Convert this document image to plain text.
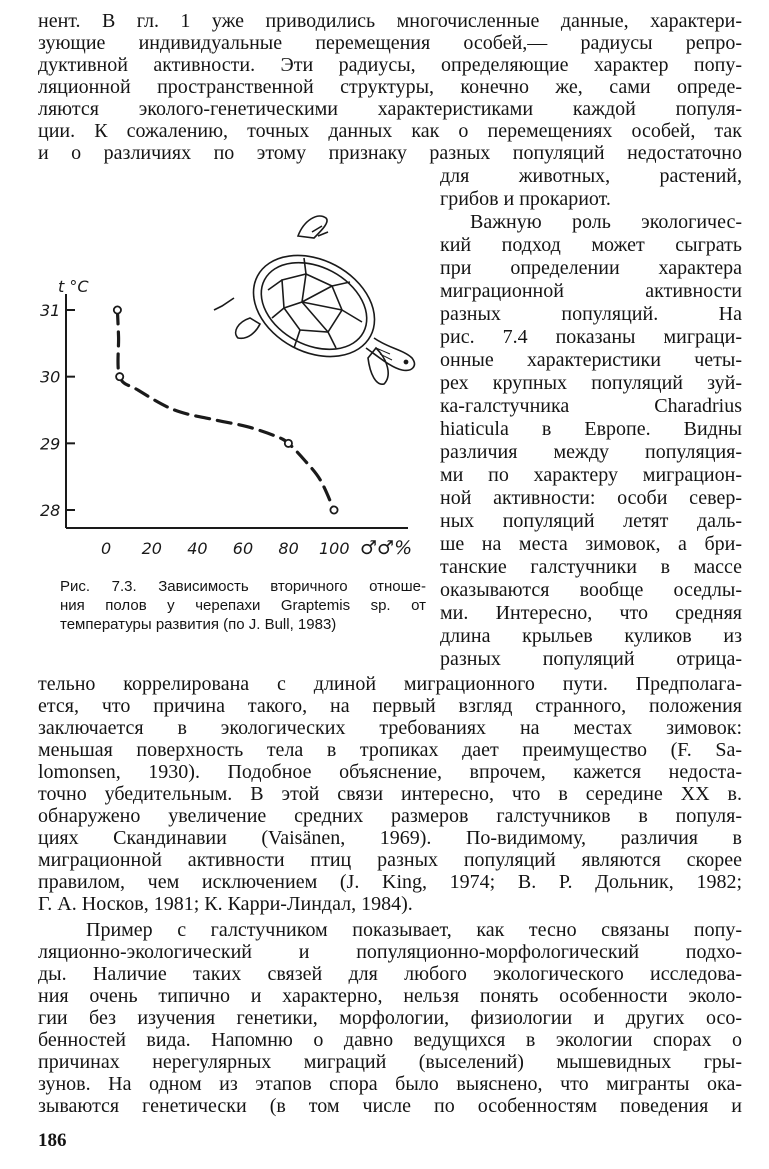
нент. В гл. 1 уже приводились многочисленные данные, характери-
зующие индивидуальные перемещения особей,— радиусы репро-
дуктивной активности. Эти радиусы, определяющие характер попу-
ляционной пространственной структуры, конечно же, сами опреде-
ляются эколого-генетическими характеристиками каждой популя-
ции. К сожалению, точных данных как о перемещениях особей, так
и о различиях по этому признаку разных популяций недостаточно
для животных, растений,
грибов и прокариот.
Важную роль экологичес-
кий подход может сыграть
при определении характера
миграционной активности
разных популяций. На
рис. 7.4 показаны миграци-
онные характеристики четы-
рех крупных популяций зуй-
ка-галстучника Charadrius
hiaticula в Европе. Видны
различия между популяция-
ми по характеру миграцион-
ной активности: особи север-
ных популяций летят даль-
ше на места зимовок, а бри-
танские галстучники в массе
оказываются вообще оседлы-
ми. Интересно, что средняя
длина крыльев куликов из
разных популяций отрица-
28
29
30
31
0 20 40 60 80 100
t °C
♂♂%
Рис. 7.3. Зависимость вторичного отноше-
ния полов у черепахи Graptemis sp. от
температуры развития (по J. Bull, 1983)
тельно коррелирована с длиной миграционного пути. Предполага-
ется, что причина такого, на первый взгляд странного, положения
заключается в экологических требованиях на местах зимовок:
меньшая поверхность тела в тропиках дает преимущество (F. Sa-
lomonsen, 1930). Подобное объяснение, впрочем, кажется недоста-
точно убедительным. В этой связи интересно, что в середине XX в.
обнаружено увеличение средних размеров галстучников в популя-
циях Скандинавии (Vaisänen, 1969). По-видимому, различия в
миграционной активности птиц разных популяций являются скорее
правилом, чем исключением (J. King, 1974; В. Р. Дольник, 1982;
Г. А. Носков, 1981; К. Карри-Линдал, 1984).
Пример с галстучником показывает, как тесно связаны попу-
ляционно-экологический и популяционно-морфологический подхо-
ды. Наличие таких связей для любого экологического исследова-
ния очень типично и характерно, нельзя понять особенности эколо-
гии без изучения генетики, морфологии, физиологии и других осо-
бенностей вида. Напомню о давно ведущихся в экологии спорах о
причинах нерегулярных миграций (выселений) мышевидных гры-
зунов. На одном из этапов спора было выяснено, что мигранты ока-
зываются генетически (в том числе по особенностям поведения и
186
